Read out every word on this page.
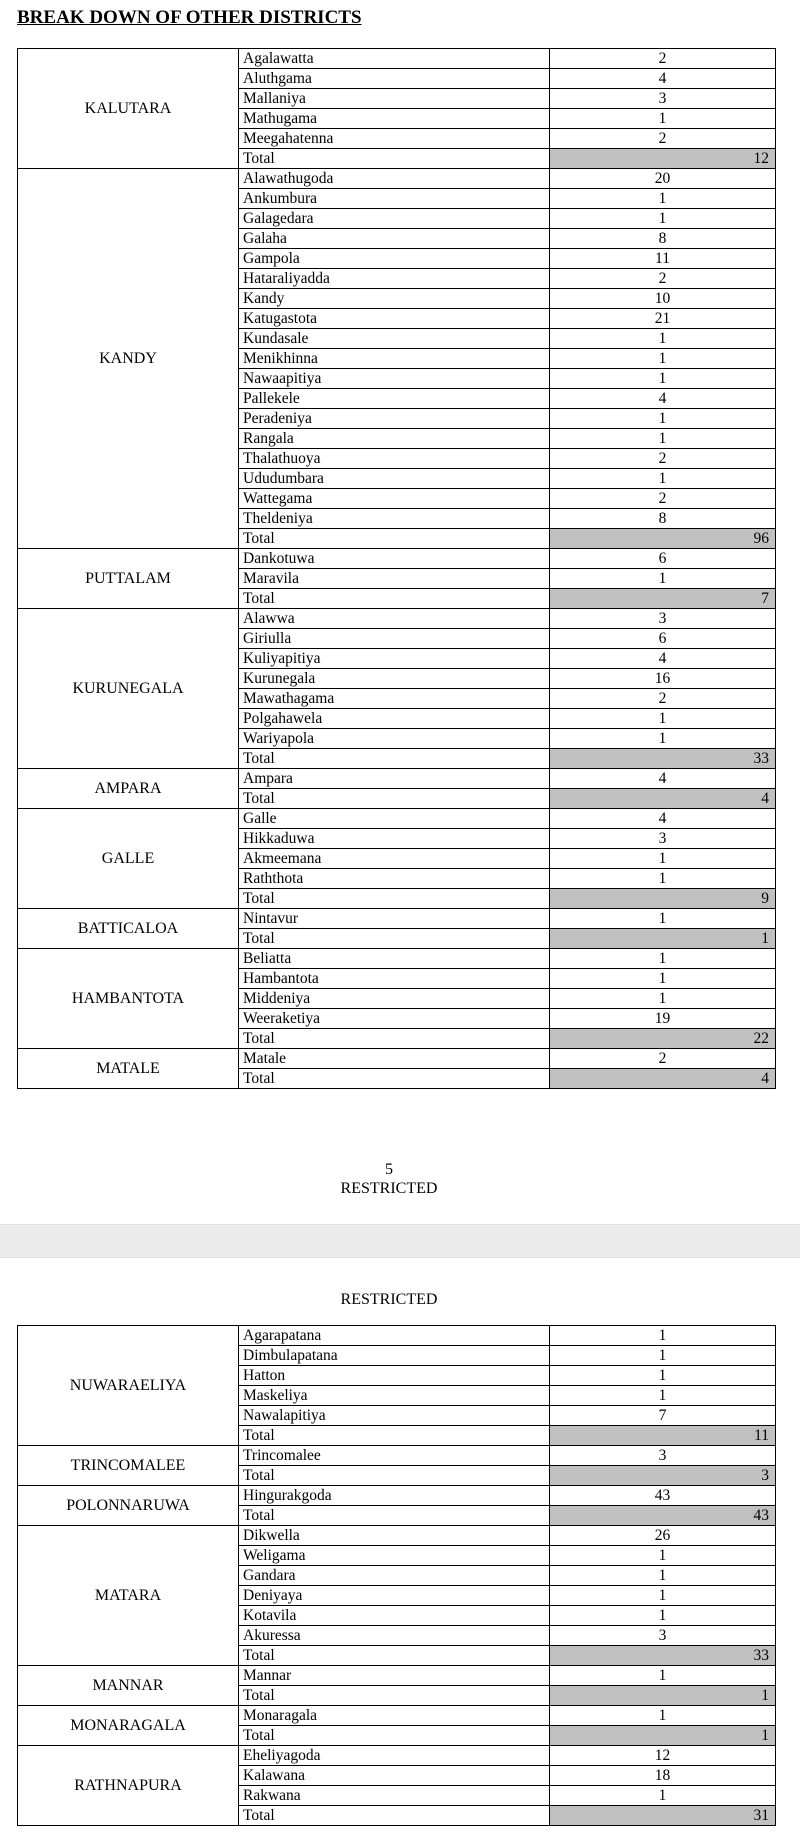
BREAK DOWN OF OTHER DISTRICTS
KALUTARA	Agalawatta	2
	Aluthgama	4
	Mallaniya	3
	Mathugama	1
	Meegahatenna	2
	Total	12
KANDY	Alawathugoda	20
	Ankumbura	1
	Galagedara	1
	Galaha	8
	Gampola	11
	Hataraliyadda	2
	Kandy	10
	Katugastota	21
	Kundasale	1
	Menikhinna	1
	Nawaapitiya	1
	Pallekele	4
	Peradeniya	1
	Rangala	1
	Thalathuoya	2
	Ududumbara	1
	Wattegama	2
	Theldeniya	8
	Total	96
PUTTALAM	Dankotuwa	6
	Maravila	1
	Total	7
KURUNEGALA	Alawwa	3
	Giriulla	6
	Kuliyapitiya	4
	Kurunegala	16
	Mawathagama	2
	Polgahawela	1
	Wariyapola	1
	Total	33
AMPARA	Ampara	4
	Total	4
GALLE	Galle	4
	Hikkaduwa	3
	Akmeemana	1
	Raththota	1
	Total	9
BATTICALOA	Nintavur	1
	Total	1
HAMBANTOTA	Beliatta	1
	Hambantota	1
	Middeniya	1
	Weeraketiya	19
	Total	22
MATALE	Matale	2
	Total	4
5
RESTRICTED
RESTRICTED
NUWARAELIYA	Agarapatana	1
	Dimbulapatana	1
	Hatton	1
	Maskeliya	1
	Nawalapitiya	7
	Total	11
TRINCOMALEE	Trincomalee	3
	Total	3
POLONNARUWA	Hingurakgoda	43
	Total	43
MATARA	Dikwella	26
	Weligama	1
	Gandara	1
	Deniyaya	1
	Kotavila	1
	Akuressa	3
	Total	33
MANNAR	Mannar	1
	Total	1
MONARAGALA	Monaragala	1
	Total	1
RATHNAPURA	Eheliyagoda	12
	Kalawana	18
	Rakwana	1
	Total	31
